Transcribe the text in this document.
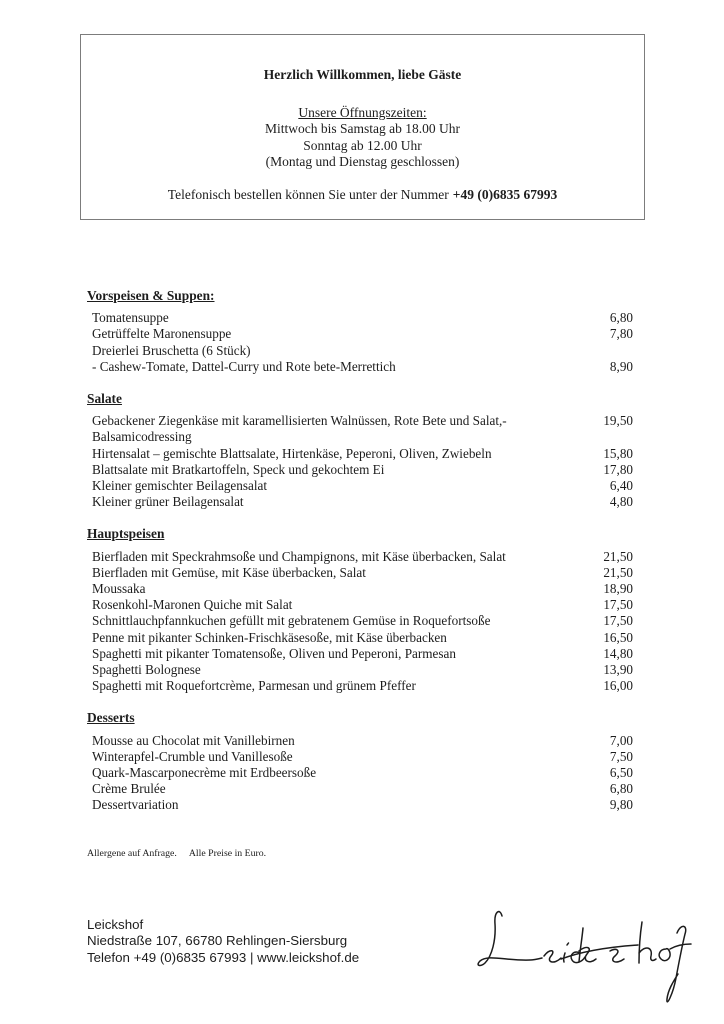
Herzlich Willkommen, liebe Gäste

Unsere Öffnungszeiten:

Mittwoch bis Samstag ab 18.00 Uhr

Sonntag ab 12.00 Uhr

(Montag und Dienstag geschlossen)

Telefonisch bestellen können Sie unter der Nummer +49 (0)6835 67993

Vorspeisen & Suppen:

Tomatensuppe	6,80
Getrüffelte Maronensuppe	7,80
Dreierlei Bruschetta (6 Stück)
- Cashew-Tomate, Dattel-Curry und Rote bete-Merrettich	8,90

Salate

Gebackener Ziegenkäse mit karamellisierten Walnüssen, Rote Bete und Salat,-	19,50
Balsamicodressing
Hirtensalat – gemischte Blattsalate, Hirtenkäse, Peperoni, Oliven, Zwiebeln	15,80
Blattsalate mit Bratkartoffeln, Speck und gekochtem Ei	17,80
Kleiner gemischter Beilagensalat	6,40
Kleiner grüner Beilagensalat	4,80

Hauptspeisen

Bierfladen mit Speckrahmsoße und Champignons, mit Käse überbacken, Salat	21,50
Bierfladen mit Gemüse, mit Käse überbacken, Salat	21,50
Moussaka	18,90
Rosenkohl-Maronen Quiche mit Salat	17,50
Schnittlauchpfannkuchen gefüllt mit gebratenem Gemüse in Roquefortsoße	17,50
Penne mit pikanter Schinken-Frischkäsesoße, mit Käse überbacken	16,50
Spaghetti mit pikanter Tomatensoße, Oliven und Peperoni, Parmesan	14,80
Spaghetti Bolognese	13,90
Spaghetti mit Roquefortcrème, Parmesan und grünem Pfeffer	16,00

Desserts

Mousse au Chocolat mit Vanillebirnen	7,00
Winterapfel-Crumble und Vanillesoße	7,50
Quark-Mascarponecrème mit Erdbeersoße	6,50
Crème Brulée	6,80
Dessertvariation	9,80

Allergene auf Anfrage. Alle Preise in Euro.

Leickshof

Niedstraße 107, 66780 Rehlingen-Siersburg

Telefon +49 (0)6835 67993 | www.leickshof.de
